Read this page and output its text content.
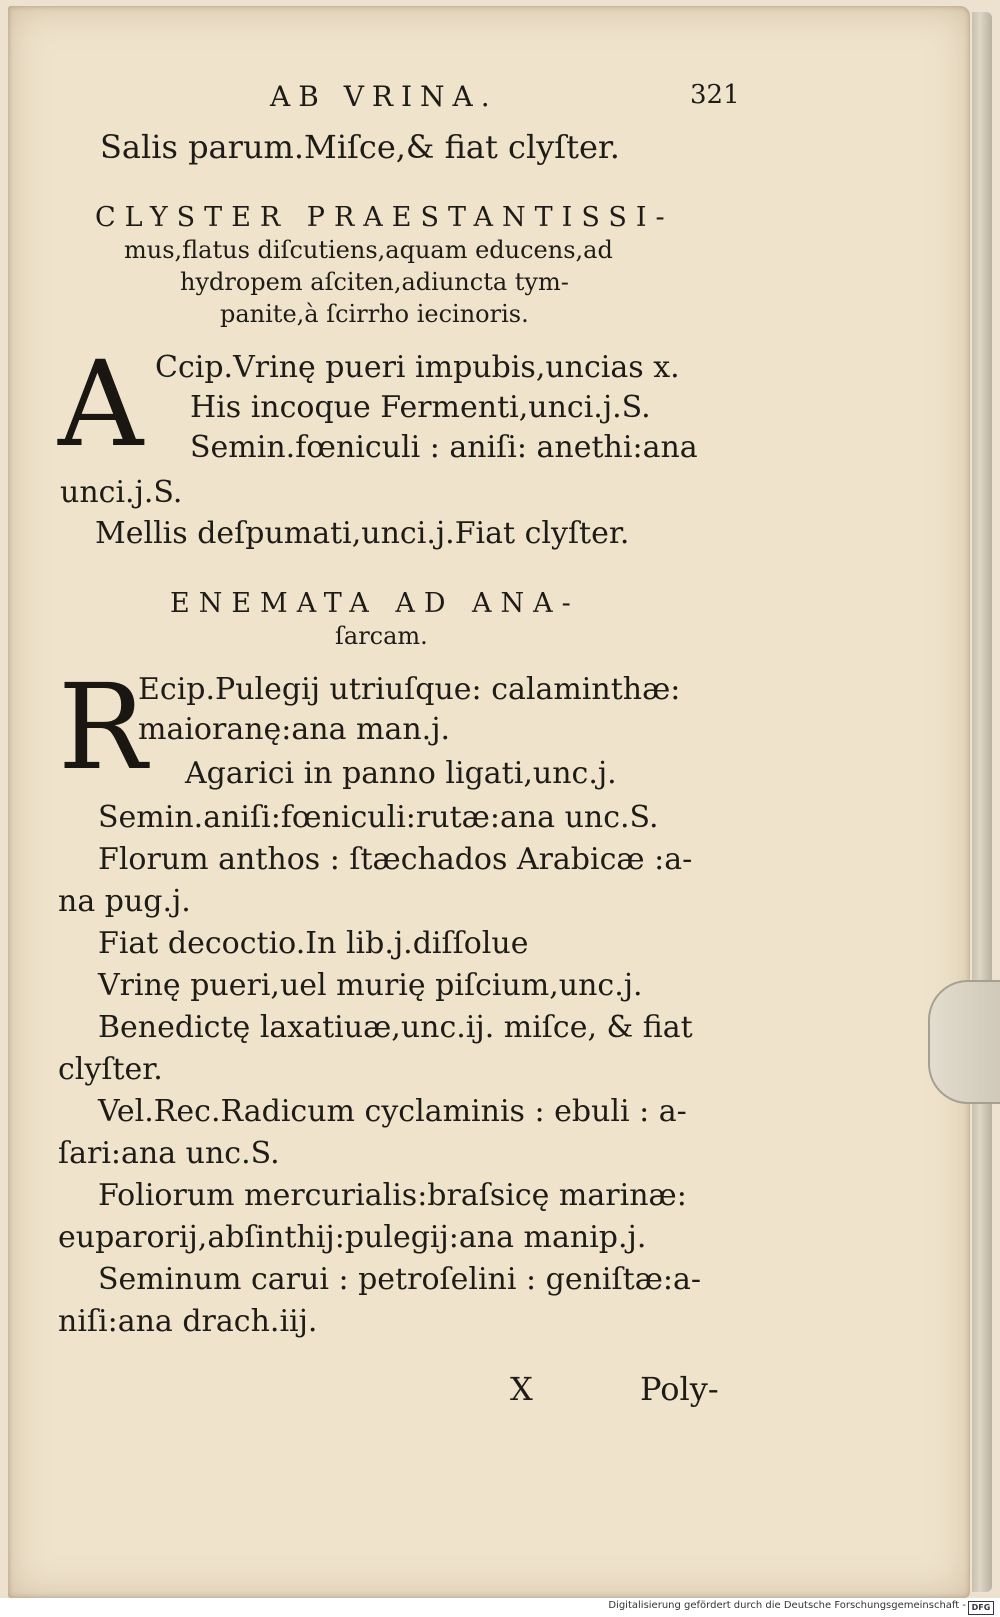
AB VRINA.	321
Salis parum.Miſce,& fiat clyſter.
CLYSTER PRAESTANTISSI-
mus,flatus diſcutiens,aquam educens,ad
hydropem aſciten,adiuncta tym-
panite,à ſcirrho iecinoris.
A Ccip.Vrinę pueri impubis,uncias x.
His incoque Fermenti,unci.j.S.
Semin.fœniculi : aniſi: anethi:ana
unci.j.S.
Mellis deſpumati,unci.j.Fiat clyſter.
ENEMATA AD ANA-
ſarcam.
R
Ecip.Pulegij utriuſque: calaminthæ:
maioranę:ana man.j.
Agarici in panno ligati,unc.j.
Semin.aniſi:fœniculi:rutæ:ana unc.S.
Florum anthos : ſtæchados Arabicæ :a-
na pug.j.
Fiat decoctio.In lib.j.diſſolue
Vrinę pueri,uel murię piſcium,unc.j.
Benedictę laxatiuæ,unc.ij. miſce, & fiat
clyſter.
Vel.Rec.Radicum cyclaminis : ebuli : a-
ſari:ana unc.S.
Foliorum mercurialis:braſsicę marinæ:
euparorij,abſinthij:pulegij:ana manip.j.
Seminum carui : petroſelini : geniſtæ:a-
niſi:ana drach.iij.
X	Poly-
Digitalisierung gefördert durch die Deutsche Forschungsgemeinschaft - DFG
